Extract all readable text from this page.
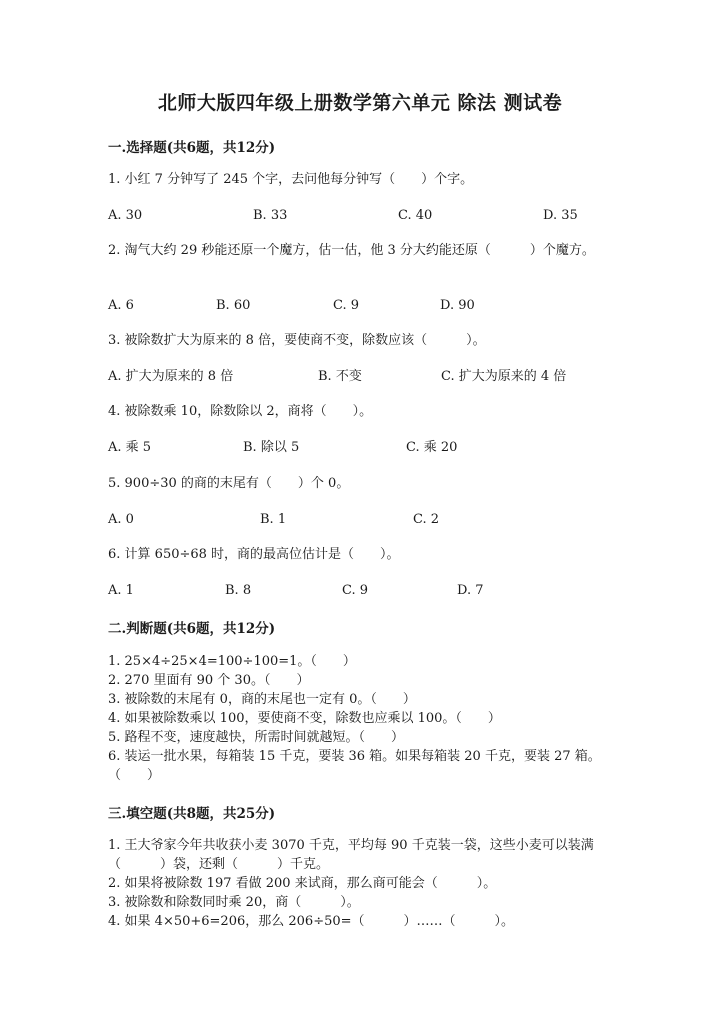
北师大版四年级上册数学第六单元 除法 测试卷
一.选择题(共6题，共12分)
1. 小红 7 分钟写了 245 个字，去问他每分钟写（　　）个字。
A. 30	B. 33	C. 40	D. 35
2. 淘气大约 29 秒能还原一个魔方，估一估，他 3 分大约能还原（　　　）个魔方。
A. 6	B. 60	C. 9	D. 90
3. 被除数扩大为原来的 8 倍，要使商不变，除数应该（　　　）。
A. 扩大为原来的 8 倍	B. 不变	C. 扩大为原来的 4 倍
4. 被除数乘 10，除数除以 2，商将（　　）。
A. 乘 5	B. 除以 5	C. 乘 20
5. 900÷30 的商的末尾有（　　）个 0。
A. 0	B. 1	C. 2
6. 计算 650÷68 时，商的最高位估计是（　　）。
A. 1	B. 8	C. 9	D. 7
二.判断题(共6题，共12分)
1. 25×4÷25×4=100÷100=1。（　　）
2. 270 里面有 90 个 30。（　　）
3. 被除数的末尾有 0，商的末尾也一定有 0。（　　）
4. 如果被除数乘以 100，要使商不变，除数也应乘以 100。（　　）
5. 路程不变，速度越快，所需时间就越短。（　　）
6. 装运一批水果，每箱装 15 千克，要装 36 箱。如果每箱装 20 千克，要装 27 箱。（　　）
三.填空题(共8题，共25分)
1. 王大爷家今年共收获小麦 3070 千克，平均每 90 千克装一袋，这些小麦可以装满（　　　）袋，还剩（　　　）千克。
2. 如果将被除数 197 看做 200 来试商，那么商可能会（　　　）。
3. 被除数和除数同时乘 20，商（　　　）。
4. 如果 4×50+6=206，那么 206÷50=（　　　）……（　　　）。
